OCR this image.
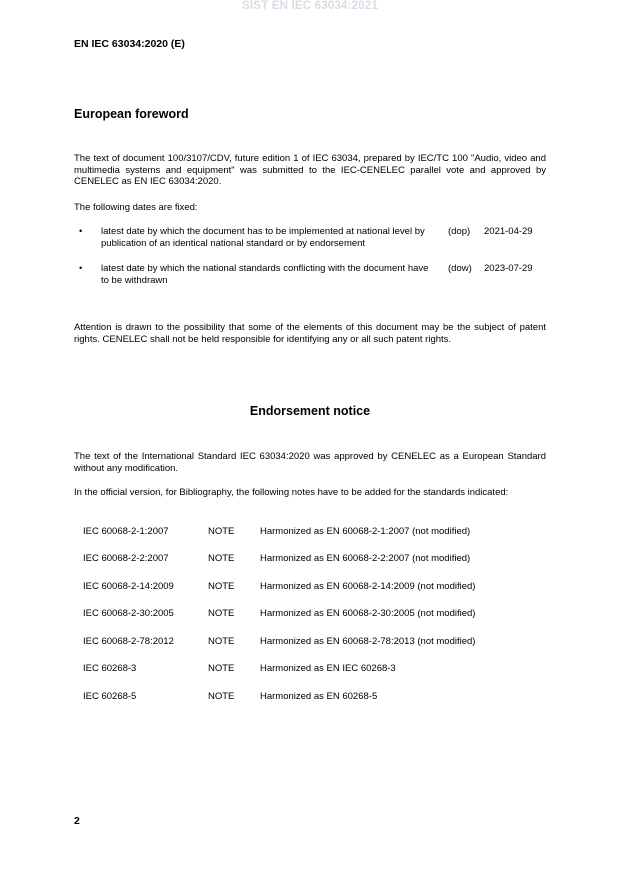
SIST EN IEC 63034:2021
EN IEC 63034:2020 (E)
European foreword
The text of document 100/3107/CDV, future edition 1 of IEC 63034, prepared by IEC/TC 100 "Audio, video and multimedia systems and equipment" was submitted to the IEC-CENELEC parallel vote and approved by CENELEC as EN IEC 63034:2020.
The following dates are fixed:
• latest date by which the document has to be implemented at national level by publication of an identical national standard or by endorsement
(dop) 2021-04-29
• latest date by which the national standards conflicting with the document have to be withdrawn
(dow) 2023-07-29
Attention is drawn to the possibility that some of the elements of this document may be the subject of patent rights. CENELEC shall not be held responsible for identifying any or all such patent rights.
Endorsement notice
The text of the International Standard IEC 63034:2020 was approved by CENELEC as a European Standard without any modification.
In the official version, for Bibliography, the following notes have to be added for the standards indicated:
IEC 60068-2-1:2007	NOTE	Harmonized as EN 60068-2-1:2007 (not modified)
IEC 60068-2-2:2007	NOTE	Harmonized as EN 60068-2-2:2007 (not modified)
IEC 60068-2-14:2009	NOTE	Harmonized as EN 60068-2-14:2009 (not modified)
IEC 60068-2-30:2005	NOTE	Harmonized as EN 60068-2-30:2005 (not modified)
IEC 60068-2-78:2012	NOTE	Harmonized as EN 60068-2-78:2013 (not modified)
IEC 60268-3	NOTE	Harmonized as EN IEC 60268-3
IEC 60268-5	NOTE	Harmonized as EN 60268-5
2
